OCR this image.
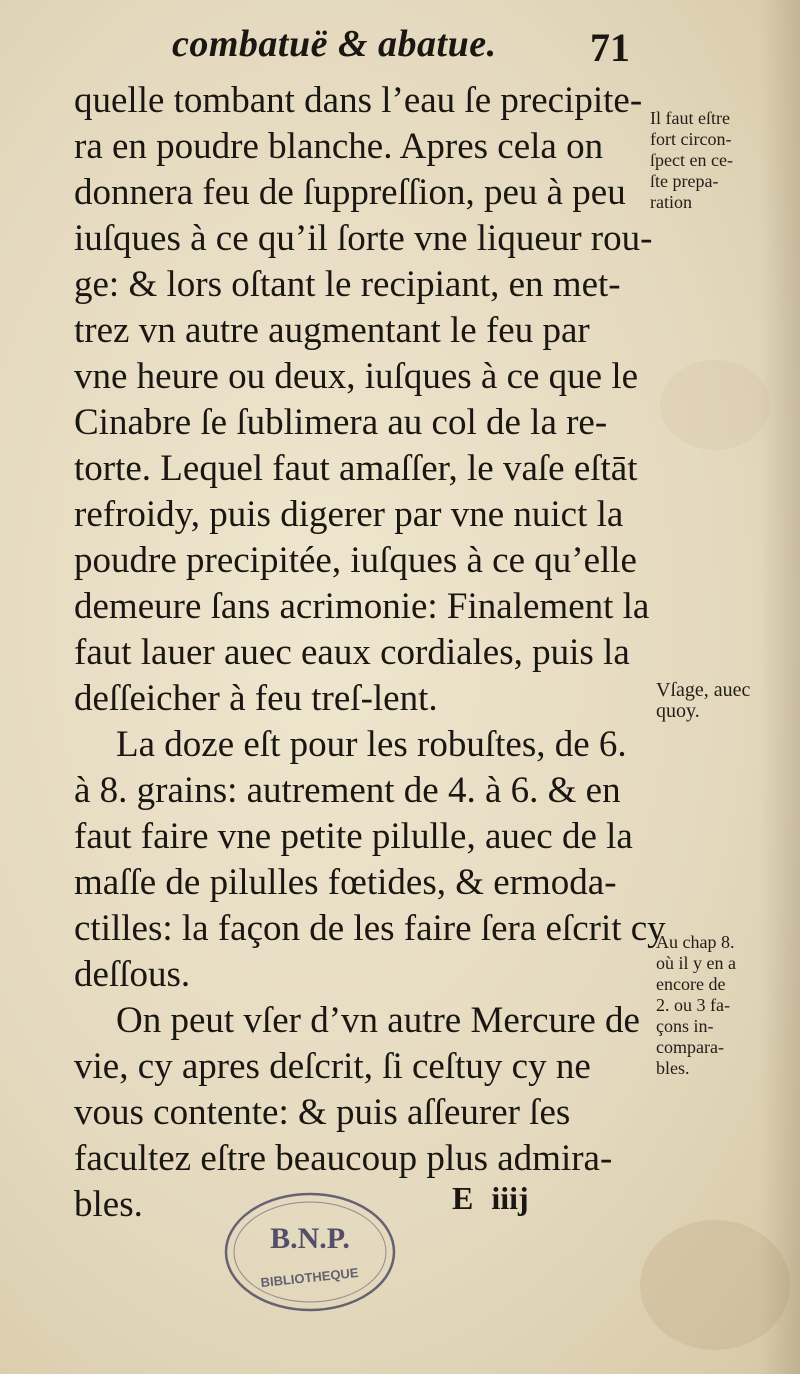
combatuë & abatue. 71
quelle tombant dans l’eau ſe precipite-
ra en poudre blanche. Apres cela on
donnera feu de ſuppreſſion, peu à peu
iuſques à ce qu’il ſorte vne liqueur rou-
ge: & lors oſtant le recipiant, en met-
trez vn autre augmentant le feu par
vne heure ou deux, iuſques à ce que le
Cinabre ſe ſublimera au col de la re-
torte. Lequel faut amaſſer, le vaſe eſtāt
refroidy, puis digerer par vne nuict la
poudre precipitée, iuſques à ce qu’elle
demeure ſans acrimonie: Finalement la
faut lauer auec eaux cordiales, puis la
deſſeicher à feu treſ-lent.
La doze eſt pour les robuſtes, de 6.
à 8. grains: autrement de 4. à 6. & en
faut faire vne petite pilulle, auec de la
maſſe de pilulles fœtides, & ermoda-
ctilles: la façon de les faire ſera eſcrit cy
deſſous.
On peut vſer d’vn autre Mercure de
vie, cy apres deſcrit, ſi ceſtuy cy ne
vous contente: & puis aſſeurer ſes
facultez eſtre beaucoup plus admira-
bles.
Il faut eſtre
fort circon-
ſpect en ce-
ſte prepa-
ration
Vſage, auec
quoy.
Au chap 8.
où il y en a
encore de
2. ou 3 fa-
çons in-
compara-
bles.
B.N.P.
BIBLIOTHEQUE
E iiij
